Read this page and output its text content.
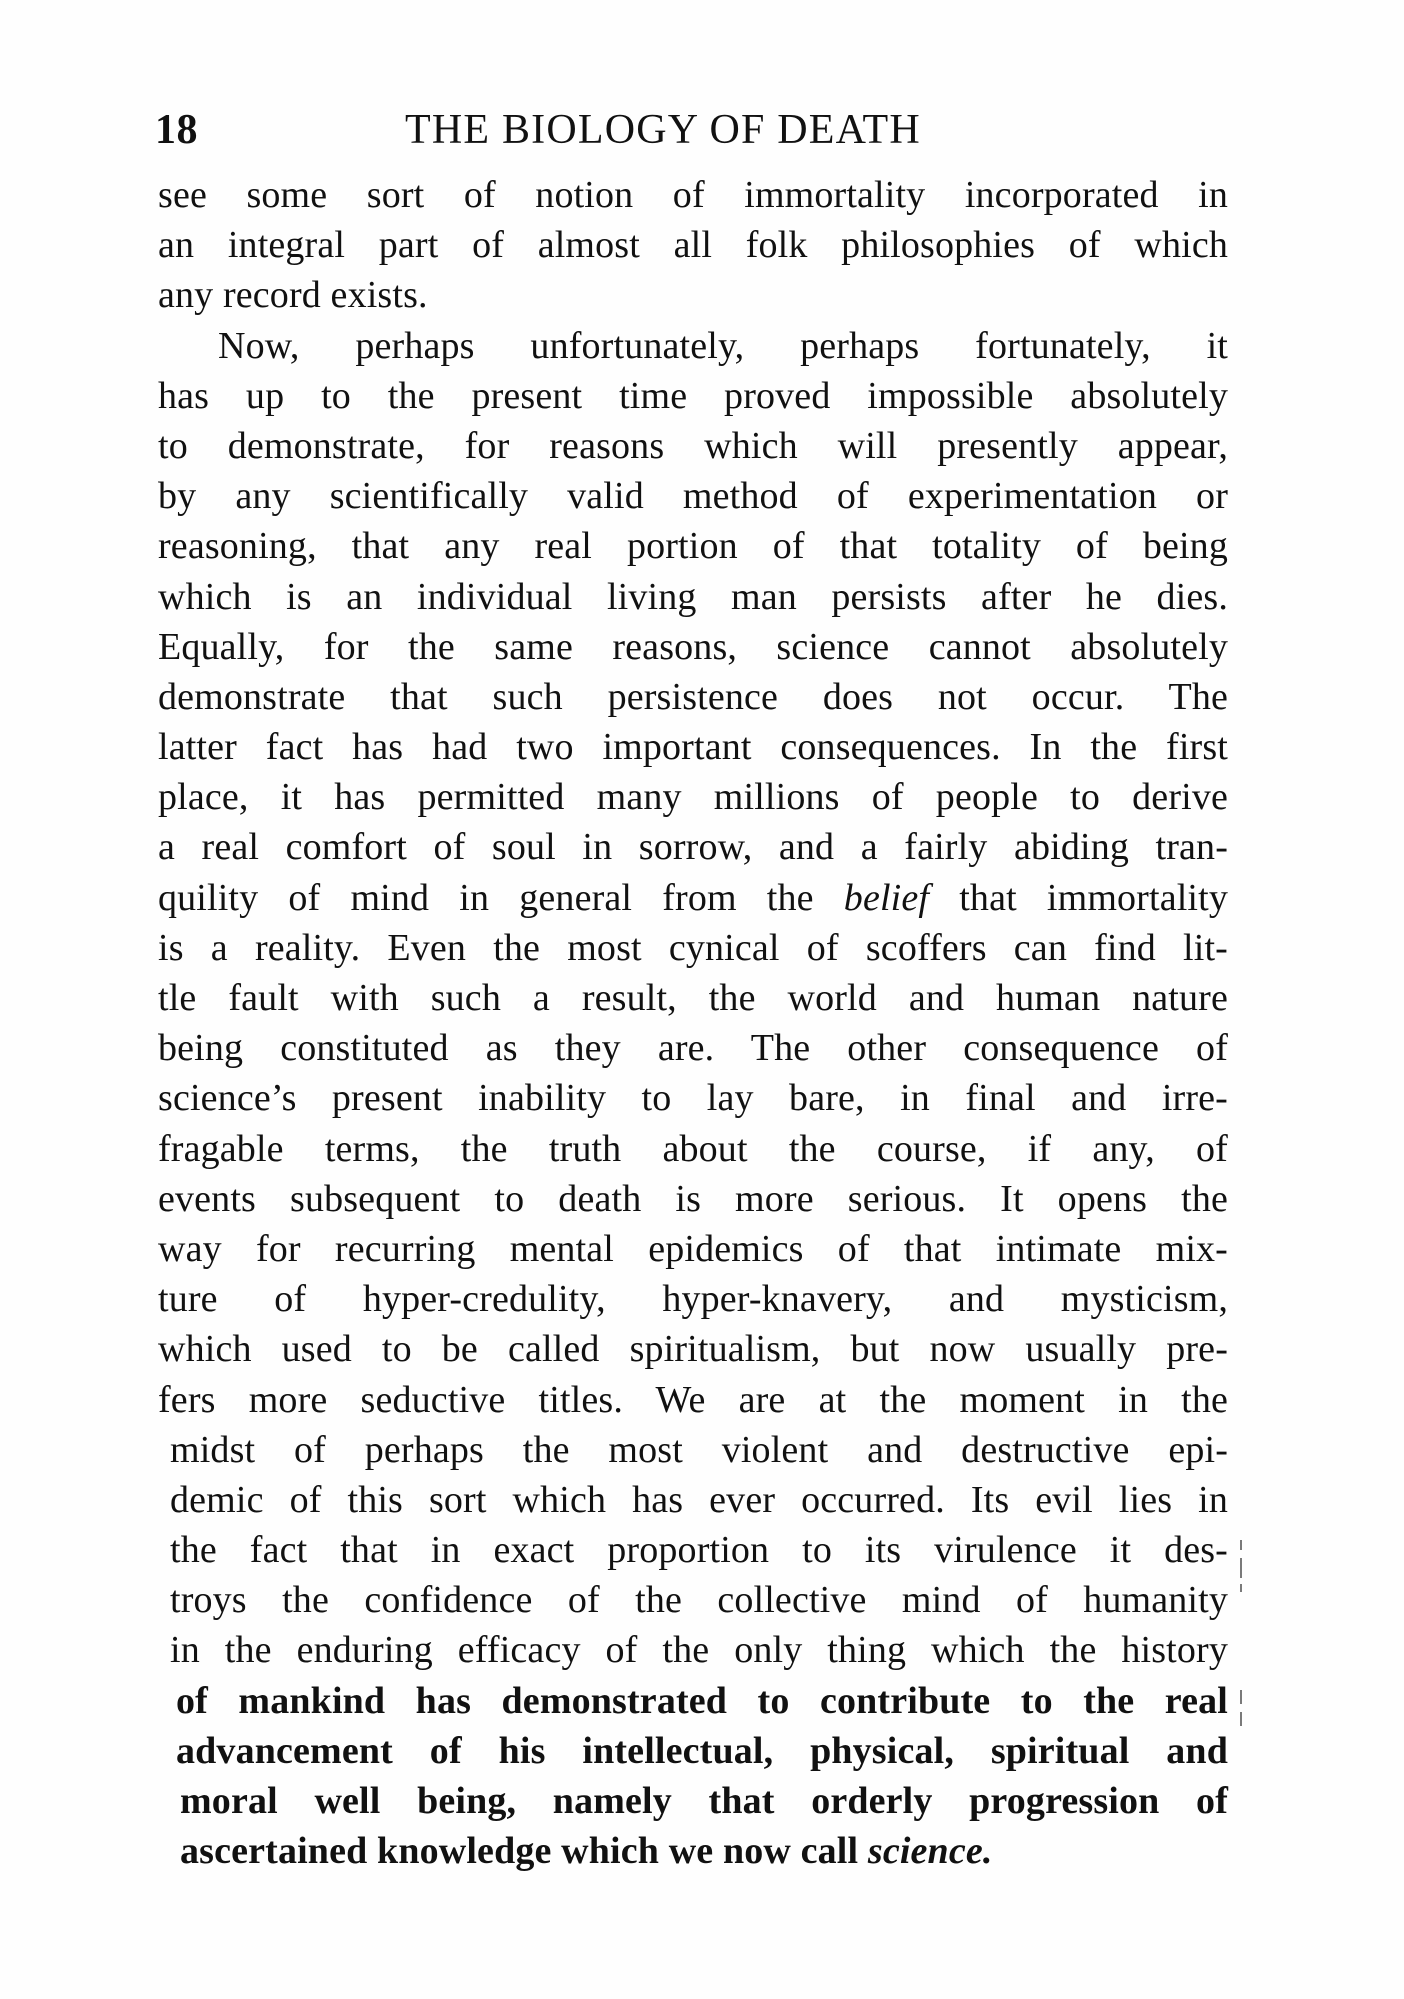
18	THE BIOLOGY OF DEATH
see some sort of notion of immortality incorporated in
an integral part of almost all folk philosophies of which
any record exists.
Now, perhaps unfortunately, perhaps fortunately, it
has up to the present time proved impossible absolutely
to demonstrate, for reasons which will presently appear,
by any scientifically valid method of experimentation or
reasoning, that any real portion of that totality of being
which is an individual living man persists after he dies.
Equally, for the same reasons, science cannot absolutely
demonstrate that such persistence does not occur. The
latter fact has had two important consequences. In the first
place, it has permitted many millions of people to derive
a real comfort of soul in sorrow, and a fairly abiding tran-
quility of mind in general from the belief that immortality
is a reality. Even the most cynical of scoffers can find lit-
tle fault with such a result, the world and human nature
being constituted as they are. The other consequence of
science’s present inability to lay bare, in final and irre-
fragable terms, the truth about the course, if any, of
events subsequent to death is more serious. It opens the
way for recurring mental epidemics of that intimate mix-
ture of hyper-credulity, hyper-knavery, and mysticism,
which used to be called spiritualism, but now usually pre-
fers more seductive titles. We are at the moment in the
midst of perhaps the most violent and destructive epi-
demic of this sort which has ever occurred. Its evil lies in
the fact that in exact proportion to its virulence it des-
troys the confidence of the collective mind of humanity
in the enduring efficacy of the only thing which the history
of mankind has demonstrated to contribute to the real
advancement of his intellectual, physical, spiritual and
moral well being, namely that orderly progression of
ascertained knowledge which we now call science.
